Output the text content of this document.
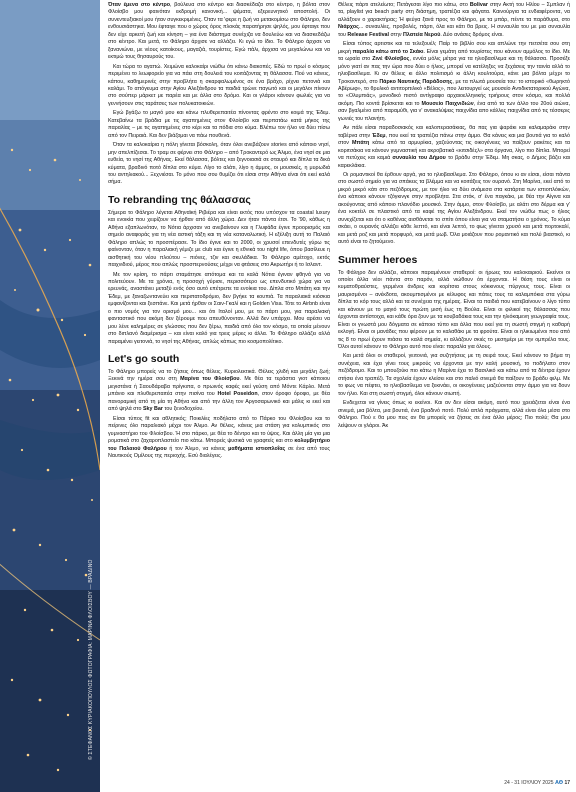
© ΣΤΕΦΑΝΟΣ ΚΥΡΙΑΚΟΠΟΥΛΟΣ ΦΩΤΟΓΡΑΦΙΑ: ΜΑΡΙΝΑ ΦΛΟΙΣΒΟΥ — ΒΡΑΔΙΝΟ

Όταν έμενα στο κέντρο, βούλευα στο κέντρο και διασκέδαζα στο κέντρο, η βόλτα στον Φλοίσβο μου φαινόταν εκδρομή κανονική... ψέματα, εξερευνητικό αποστολή. Οι συνεντευξιακοί μου ήταν συγκεκριμένες. Όταν τα 'φερε η ζωή να μετακομίσω στο Φάληρο, δεν ενθουσιάστηκα. Μου έφταιγε που ο χώρος όρος πλοκάς παρατήρησε ψηλός, μου έφταιγε που δεν είχε αρκετή ζωή και κίνηση – για ένα διάστημα συνέχιζα να δουλεύω και να διασκεδάζω στο κέντρο. Και μετά, το Φάληρο άρχισε να αλλάζει. Κι εγώ το ίδιο. Το Φάληρο άρχισε να ξανανιώνει, με νέους κατοίκους, μαγαζιά, τουρίστες. Εγώ πάλι, άρχισα να μεγαλώνω και να εκτιμώ τους θησαυρούς του.

Και τώρα το αγαπώ. Χειμώνα καλοκαίρι νιώθω ότι κάνω διακοπές. Εδώ το πρωί ο κόσμος περιμένει το λεωφορείο για να πάει στη δουλειά του κοιτάζοντας τη θάλασσα. Πού να κάνεις, κάπου, καθημερινές στην προβλήτα η σκαρφαλωμένος σε ένα βράχο, ρίχνει πετονιά και καλάμι. Το απόγευμα στην Αγίου Αλεξάνδρου τα παιδιά τρώνε παγωτό και οι μεγάλοι πίνουν στο σούπερ μάρκετ με παρέα και με άλλα στο δρόμο. Και οι γλάροι κάνουν φωλιές για να γεννήσουν στις ταράτσες των πολυκατοικιών.

Εγώ βγάζω το μαγιό μου και κάνω πλυθερεπαιτέα πίνοντας φρέντο στο κοιμά της Έδεμ. Κατεβαίνω τα βράδια με τις αγαπημένες στον Φλοίσβο και περπατάω κατά μήκος της παραλίας – με τις αγαπημένες στο κέρι και τα πόδια στο κύμα. Βλέπω τον ήλιο να δύει πίσω από τον Πειραιά. Και δεν βιάζομαι να πάω πουθενά.

Όταν τα καλοκαίρια η πόλη γίνεται βόσκολη, όταν όλοι ανεβάζουν stories από κάποιο νησί, μην απελπίζεσαι. Το τραμ σε φέρνει στο Φάληρο – από Τροκαντερό ως Άλιμο, ένα νησί σε μια ευθεία, το νησί της Αθήνας. Εκεί θάλασσα, βόλτες και ξεγνοιασιά σε σταυρό και δίπλα τα δικά κύματα, βραδινό ποτό δίπλα στο κύμα. Λίγο το αλάτι, λίγο η άμμος, οι μουσικές, η μυρωδιά του αντηλιακού... Ξεχνιέσαι. Το μόνο που σου θυμίζει ότι είσαι στην Αθήνα είναι ότι εκεί καλά σήμα.

To rebranding της θάλασσας

Σήμερα το Φάληρο λέγεται Αθηναϊκή Ριβιέρα και είναι εκτός που υπόσχον τα coastal luxury και ενοικία που χειρίζουν να ήρθαν από άλλη χώρα. Δεν ήταν πάντα έτσι. Το '90, κάθως η Αθήνα εξαπλωνόταν, το Νότια άρχισαν να ανεβαίνουν και η Γλυφάδα έγινε προορισμός και σημείο αναφοράς για τη νέα αστική τάξη και τη νέα καταναλωτική. Η εξέλιξη αυτή το Παλαιό Φάληρο απλώς το προσπέρασε. Το ίδιο έγινε και το 2000, οι χρυσοί επενδυτές γύρω τις φαίνονταν, όταν η παραλιακή γέμιζε με club και έγινε η εθνικά του night life, όπου βασίλευε η αισθητική του νέου πλούτου – πιόνες, τζιν και σκυλάδικα. Το Φάληρο αμέτοχο, εκτός παιχνιδιού, μέρος που απλώς προσπερνούσες μέχρι να φτάσεις στο Ακρωτήρι ή το Ισλαντ.

Με τον κρίση, το πάρτι σταμάτησε απότομα και τα καλά Νότια έγιναν φθηνά για να πολιτεύουν. Με τα χρόνια, η προσοχή γύρισε, περισσότερο ως επενδυτικό χώρα για να ερευνάς, αναστάνει μεταξύ ενός όσο αυτό επέτρεπε τα ενοίκια του. Δίπλα στο Μπάτη και την Έδεμ, με ξαναζωντανεύει και περιπατοδρόμιο, δεν βγήκε τα κουπιά. Τα παραλιακά κιόσκια εμφανίζονται και ξεσπάνε. Και μετά ήρθαν οι Σαιν-Γκαλί και η Golden Visa. Τότε το Airbnb είναι ο πιο νομός για τον ορισμό μου... και ότι Ιταλοί μου, με το πάρτι μου, για παραλιακή φανταστικό που ακόμη δεν ξέρουμε που απευθύνονταν. Αλλά δεν υπάρχει. Μου αρέσει να μου λένε καλημέρες σε γλώσσες που δεν ξέρω, παιδιά από όλο τον κόσμο, τα οποία μένουν στο διπλανό διαμέρισμα – και είναι καλό για τρεις μέρες κι άλλα. Το Φάληρο αλλάζει αλλά παραμένει γειτονιά, το νησί της Αθήνας, απλώς κάπως πιο κοσμοπολίτικο.

Let's go south

Το Φάληρο μπορείς να το ζήσεις όπως θέλεις. Κυριολεκτικά. Θέλεις χλιδή και μεγάλη ζωή; Ξεκινά την ημέρα σου στη Μαρίνα του Φλοίσβου. Με θέα τα τεράστια γιοτ κάποιου μεγιστάνα ή Σαουδάραβα πρίγκιπα, ο πρωινός καφές εκεί γεύση από Μόντε Κάρλο. Μετά μπάνιο και πλυθερεπαιτέα στην πισίνα του Hotel Poseidon, στον όροφο όροφο, με θέα πανοραμική από τη μία τη Αθήνα και από την άλλη τον Αργοσαρωνικό και μάλις κι εκεί και από ψηλά στο Sky Bar του ξενοδοχείου.

Είσαι τύπος fit και αθλητικός; Ποικιλίες ποδήλατο από το Πάρκο του Φλοίσβου και το πείρινες όλο παραλιακό μέχρι τον Άλιμο. Αν θέλεις, κάνεις μια στάση για κολυμπικός στο γυμναστήριο του Φλοίσβου. Ή στο πάρκο, με θέα το δέντρο και το ύψος. Και άλλη μία για μια ροματικά στο ζαχαροπλαστείο πιο κάτω. Μπορείς ψυσικά να γραφτείς και στο κολυμβητήριο του Παλαιού Φαλήρου ή τον Άλιμο, να κάνεις μαθήματα ιστιοπλοΐας σε ένα από τους Ναυτικούς Ομίλους της περιοχής. Εσύ διαλέγεις.

Θέλεις πάρτι ατελείωτο; Πετάγεσαι λίγο πιο κάτω, στο Bolivar στην Ακτή του Ηλίου – Σμπλαν ή τα, playlist για beach party στη διάσημη, τραπέζια και φάγατα. Καινούργια τα ενδιαφέροντα, να αλλάξουν ο χαρακτήρας; Ή φεύγα ξανά προς το Φάληρο, με τα μπάρ, πέντε τα παράθυρα, στο Νιάρχος... συναυλίες, προβολές, πάρτι, όλα και κάτι θα βρεις. Η συναυλία του με μια συναυλία του Release Festival στην Πλατεία Νερού. Δύο ανάσες δρόμος είναι.

Είσαι τύπος αρτιστικ και τα τελεξουέλ; Παίρ το βιβλίο σου και απλώνε την πετσέτα σου στη μικρή παραλία κάτω από το Σκάκι. Είναι γεμάτη από τουρίστες που κάνουν αμμόλος το ίδιο. Με τα ωραία στο Ζινέ Φλοίσβος, εννέα μόλις μέτρα για τα ηλιοβασίλεμα και τη θάλασσα. Προσέξε μόνο γιατί αν πας την ώρα που δύει ο ήλιος, μπορεί να κατέληξες να ξεχάσεις την ταινία αλλά το ηλιοβασίλεμα. Κι αν θέλεις κι άλλο πολιτισμό κι άλλη κουλτούρα, κάνε μια βόλτα μέχρι το Τροκαντερό, στο Πάρκο Ναυτικής Παράδοσης, με τα πλωτά μουσεία του: το ιστορικό «θωρηκτό Αβέρωφ», το θρυλικό αντιτορπιλικό «Βέλος», που λειτουργεί ως μουσείο Αντιδικτατορικού Αγώνα, το «Ολυμπιάς», μονοδικό πιστό αντίγραφο αρχαιοελληνικής τριήρους στον κόσμο, και πολλά ακόμη. Πιο κοντά βρίσκεται και το Μουσείο Παιχνιδιών, ένα από τα των άλλο του 20ού αιώνα, σαν βγαλμένο από παραμύθι, για ν' ανακαλύψεις παιχνίδια απο κάλλες παιχνίδια από τις τέσσερις γωνιές του πλανήτη.

Αν πάλι είσαι παραδοσιακός και καλοπερασάκιας, θα πας για ψαράκι και καλαμαράκι στην ταβέρνα στην Έδεμ, που εκεί τα τραπέζια πάνω στην άμμο. Θα κάνεις και μια βουτιά για το καλό στον Μπάτη κάτω από τα αρμυρίκια, χαζεύοντας τις οικογένειες να παίζουν ρακέτες και τα κοριτσάκια να κάνουν γυμναστική και ακροβατικά «κιτσιδέςλ» στα όργανα, λίγο πιο δίπλα. Μπορεί να πετύχεις και καμιά συναυλία του Δήμου το βράδυ στην Έδεμ. Μη σκας, ο Δήμος βάζει και καρεκλάκια.

Οι ρομαντικοί θα έρθουν αργά, για το ηλιοβασίλεμα. Στο Φάληρο, όπου κι αν είσαι, είσαι πάντα στο σωστό σημείο για να σπάκεις τα βλέμμα και να κοιτάξεις τον ουρανό. Στη Μαρίνα, εκεί από το μικρό μικρό κάτι στο πεζόδρομος, με τον ήλιο να δύει ανάμεσα στα κατάρτια των ιστιοπλόικών, ένα κάποιοι κάνουν τζόγκινγκ στην προβλήτα. Στα στόκ, σ' ένα παγκάκι, με θέα την Αίγινα και ακούγοντας από κάποιο πλανόδιο μουσικό. Στην άμμο, στον Φλοίσβο, με αλάτι στο δέρμα και γ' ένα κοκτέιλ σε πλαστικό από τα καφέ της Αγίου Αλεξάνδρου. Εκεί τον νιώθω πως ο ήλιος συνεχίζεται και ότι ο καθένας αισθάνεται το σπίτι όπου είναι για να σταματήσει ο χρόνος. Το κύμα σκάει, ο ουρανός αλλάζει κάθε λεπτό, και είναι λεπτό, το φως γίνεται χρυσό και μετά πορτοκαλί, και μετά ροζ και μετά πορφυρό, και μετά μωβ. Όλα μοιάζουν που ρομαντικό και πολύ βιαστικό, κι αυτό είναι το ζητούμενο.

Summer heroes

Το Φάληρο δεν αλλάζει, κάποιοι παραμένουν σταθεροί: οι ήρωες του καλοκαιριού. Εκείνοι οι οποίοι άλλα νέοι πάντα στο παρόν, αλλά νιώθουν ότι έρχονται. Η θέση τους είναι οι κυματοθραύστες, γερμένοι άνδρες και κορίτσια στους κόκκινους πύργους τους. Είναι οι μαυρισμένοι – ανέκδοτα, ακουμπισμένοι με κέλυφος και πάτες τους τα καλαμπόκια στα γύρω δίπλα το κόρ τους αλλά και τα συνέχεια της ημέρας. Είναι τα παιδιά που κατεβαίνουν ο λίγο τύπο και κάνουν με το μαγιό τους πρώτη μισή έως τη Βούλα. Είναι οι φιλικοί της θάλασσας που έρχονται αντίστοιχα, και κάθε όρα ζουν με τα κουβαδάκια τους και την ηλιόκαμενη γεωγραφία τους. Είναι οι γνωστά μου δόγματα σε κάποιο τύπο και άλλα που εκεί για τη σωστή στιγμή η καθαρή εκλογή. Είναι οι μανάδες που φέρουν με το καλαθάκι με τα φρούτα. Είναι οι ηλικιωμένοι που από τις 8 το πρωί έχουν πιάσει τα καλά σημεία, κι αλλάζουν σκιές το μεσημέρι με την ομπρέλα τους. Όλοι αυτοί κάνουν το Φάληρο αυτό που είναι: παραλία για όλους.

Και μετά όλοι οι σταθεροί, γειτονιά, για συζητήσεις με τη σειρά τους. Εκεί κάνουν το βήμα τη συνέχεια, και έχει γίνει τους μικρούς να έρχονται με την καλή μουσική, το ποδήλατο στον πεζόδρομο. Και το μπουζούκι πιο κάτω η Μαρίνα έχει το Βασιλικό και κάτω από τα δέντρα έχουν στήσει ένα τραπέζι. Τα σχολεία έχουν κλείσει και στο παλιό σινεμά θα παίξουν το βράδυ φιλμ. Με το φως να πέφτει, το ηλιοβασίλεμα να ξεκινάει, οι οικογένειες μαζεύονται στην άμμο για να δουν τον ήλιο. Και στη σωστή στιγμή, όλοι κάνουν σιωπή.

Ενδεχεται να γίνεις όπως κι εκείνοι. Και αν δεν είσαι ακόμη, αυτό που χρειάζεται είναι ένα σινεμά, μια βόλτα, μια βουτιά, ένα βραδινό ποτό. Πολύ απλά πράγματα, αλλά είναι όλα μέσα στο Φάληρο. Πού ε θα μου πεις αν θα μπορείς να ζήσεις σε ένα άλλο μέρος; Πιο πολύ; Θα μου λείψουν οι γλάροι. Άκ

24 - 31 ΙΟΥΛΙΟΥ 2025 ΑΘ 17
